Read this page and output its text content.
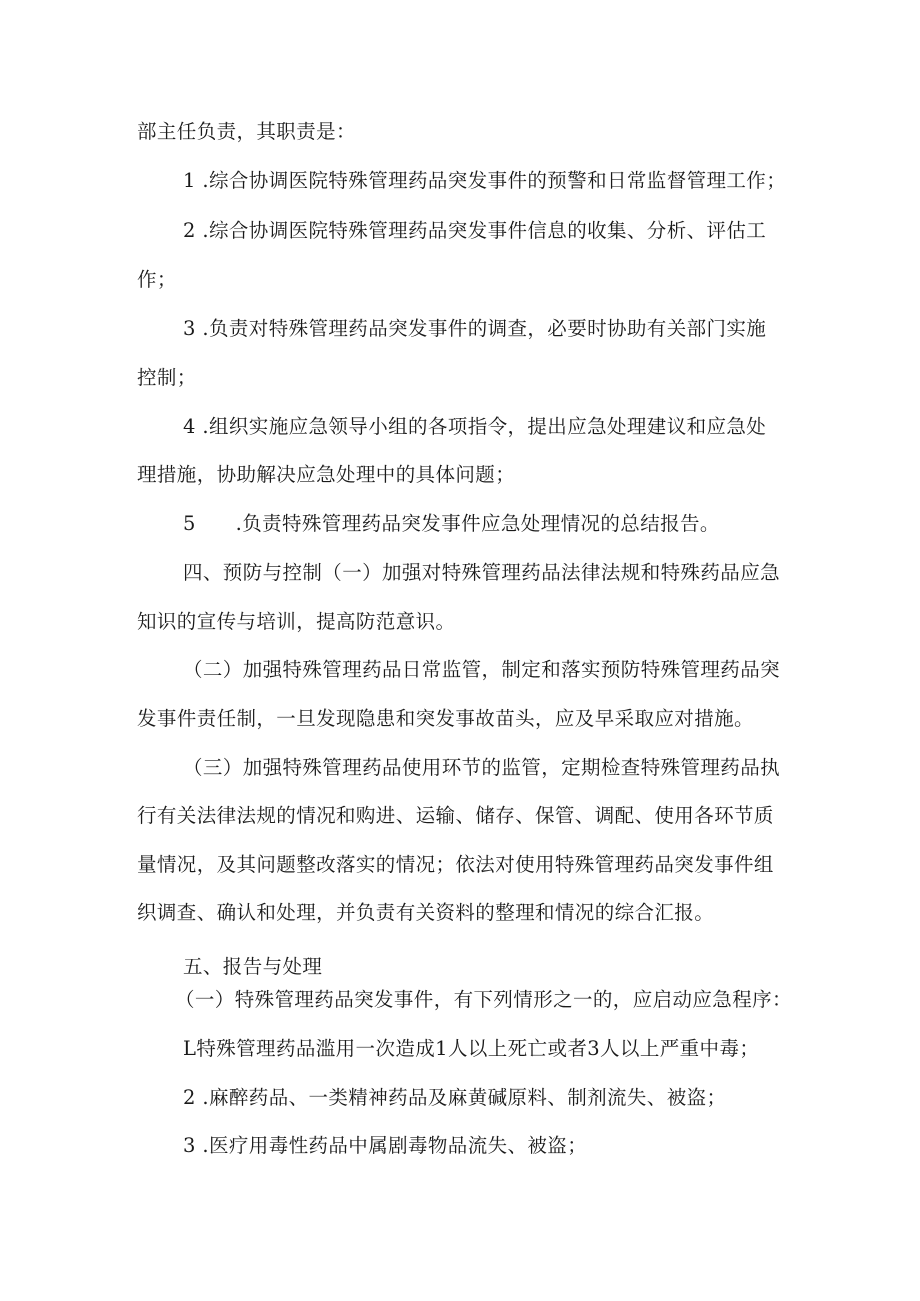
部主任负责，其职责是：
1 .综合协调医院特殊管理药品突发事件的预警和日常监督管理工作；
2 .综合协调医院特殊管理药品突发事件信息的收集、分析、评估工
作；
3 .负责对特殊管理药品突发事件的调查，必要时协助有关部门实施
控制；
4 .组织实施应急领导小组的各项指令，提出应急处理建议和应急处
理措施，协助解决应急处理中的具体问题；
5　　.负责特殊管理药品突发事件应急处理情况的总结报告。
四、预防与控制（一）加强对特殊管理药品法律法规和特殊药品应急
知识的宣传与培训，提高防范意识。
（二）加强特殊管理药品日常监管，制定和落实预防特殊管理药品突
发事件责任制，一旦发现隐患和突发事故苗头，应及早采取应对措施。
（三）加强特殊管理药品使用环节的监管，定期检查特殊管理药品执
行有关法律法规的情况和购进、运输、储存、保管、调配、使用各环节质
量情况，及其问题整改落实的情况；依法对使用特殊管理药品突发事件组
织调查、确认和处理，并负责有关资料的整理和情况的综合汇报。
五、报告与处理
（一）特殊管理药品突发事件，有下列情形之一的，应启动应急程序：
L特殊管理药品滥用一次造成1人以上死亡或者3人以上严重中毒；
2 .麻醉药品、一类精神药品及麻黄碱原料、制剂流失、被盗；
3 .医疗用毒性药品中属剧毒物品流失、被盗；
